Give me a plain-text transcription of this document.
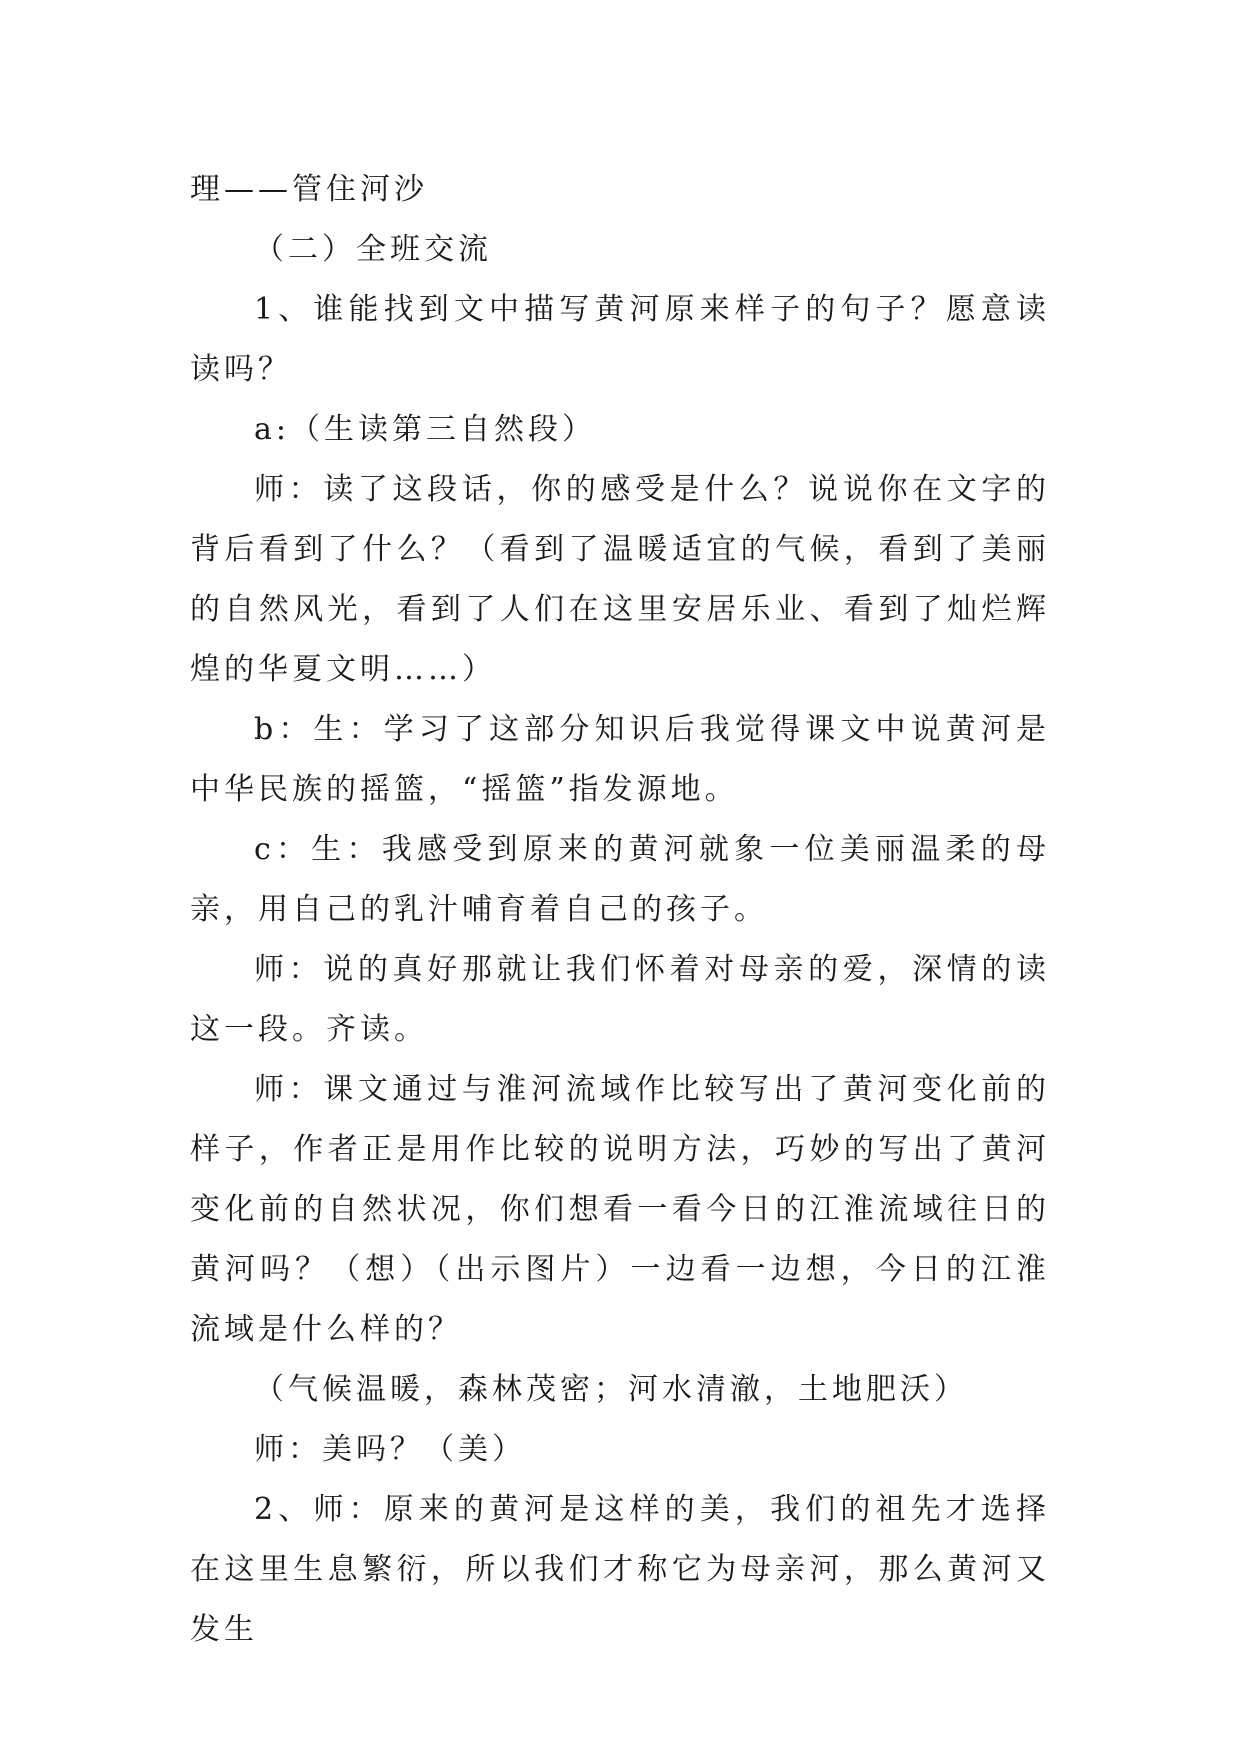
理——管住河沙

（二）全班交流

1、谁能找到文中描写黄河原来样子的句子？愿意读读吗？

a:（生读第三自然段）

师：读了这段话，你的感受是什么？说说你在文字的背后看到了什么？（看到了温暖适宜的气候，看到了美丽的自然风光，看到了人们在这里安居乐业、看到了灿烂辉煌的华夏文明……）

b：生：学习了这部分知识后我觉得课文中说黄河是中华民族的摇篮，“摇篮”指发源地。

c：生：我感受到原来的黄河就象一位美丽温柔的母亲，用自己的乳汁哺育着自己的孩子。

师：说的真好那就让我们怀着对母亲的爱，深情的读这一段。齐读。

师：课文通过与淮河流域作比较写出了黄河变化前的样子，作者正是用作比较的说明方法，巧妙的写出了黄河变化前的自然状况，你们想看一看今日的江淮流域往日的黄河吗？（想）（出示图片）一边看一边想，今日的江淮流域是什么样的？

（气候温暖，森林茂密；河水清澈，土地肥沃）

师：美吗？（美）

2、师：原来的黄河是这样的美，我们的祖先才选择在这里生息繁衍，所以我们才称它为母亲河，那么黄河又发生
